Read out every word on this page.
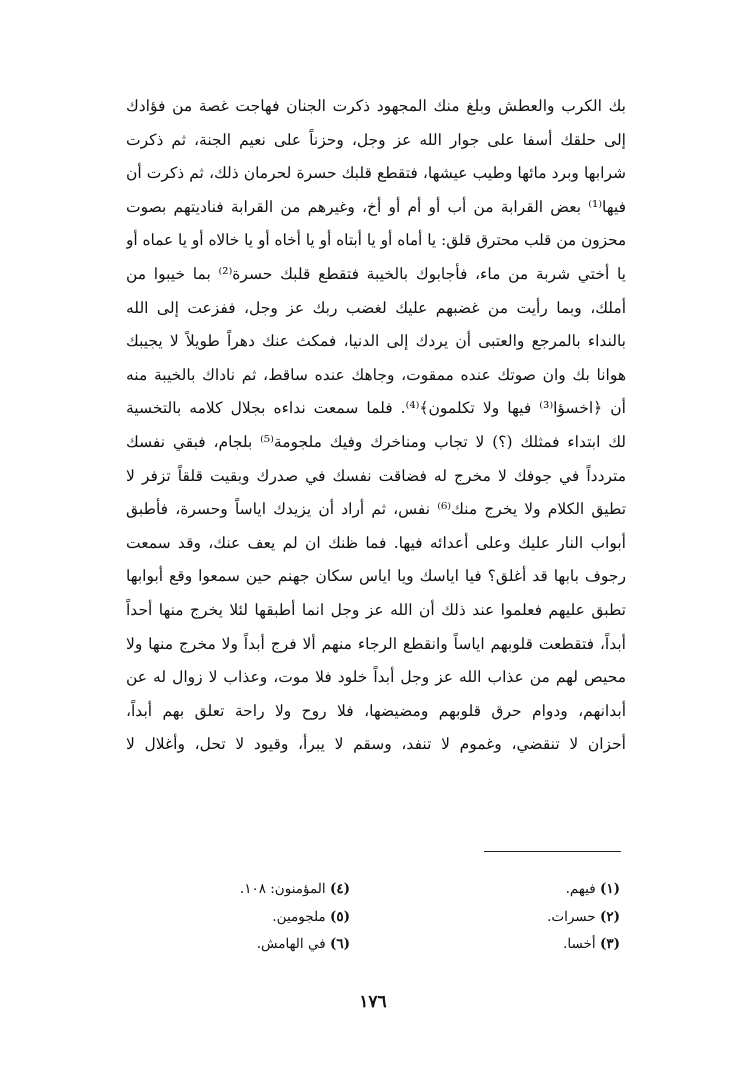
بك الكرب والعطش وبلغ منك المجهود ذكرت الجنان فهاجت غصة من فؤادك
إلى حلقك أسفا على جوار الله عز وجل، وحزناً على نعيم الجنة، ثم ذكرت
شرابها وبرد مائها وطيب عيشها، فتقطع قلبك حسرة لحرمان ذلك، ثم ذكرت أن
فيها⁽¹⁾ بعض القرابة من أب أو أم أو أخ، وغيرهم من القرابة فناديتهم بصوت
محزون من قلب محترق قلق: يا أماه أو يا أبتاه أو يا أخاه أو يا خالاه أو يا عماه أو
يا أختي شربة من ماء، فأجابوك بالخيبة فتقطع قلبك حسرة⁽²⁾ بما خيبوا من
أملك، وبما رأيت من غضبهم عليك لغضب ربك عز وجل، ففزعت إلى الله
بالنداء بالمرجع والعتبى أن يردك إلى الدنيا، فمكث عنك دهراً طويلاً لا يجيبك
هوانا بك وان صوتك عنده ممقوت، وجاهك عنده ساقط، ثم ناداك بالخيبة منه
أن ﴿اخسؤا⁽³⁾ فيها ولا تكلمون﴾⁽⁴⁾. فلما سمعت نداءه بجلال كلامه بالتخسية
لك ابتداء فمثلك (؟) لا تجاب ومناخرك وفيك ملجومة⁽⁵⁾ بلجام، فبقي نفسك
متردداً في جوفك لا مخرج له فضاقت نفسك في صدرك وبقيت قلقاً تزفر لا
تطيق الكلام ولا يخرج منك⁽⁶⁾ نفس، ثم أراد أن يزيدك اياساً وحسرة، فأطبق
أبواب النار عليك وعلى أعدائه فيها. فما ظنك ان لم يعف عنك، وقد سمعت
رجوف بابها قد أغلق؟ فيا اياسك ويا اياس سكان جهنم حين سمعوا وقع أبوابها
تطبق عليهم فعلموا عند ذلك أن الله عز وجل انما أطبقها لئلا يخرج منها أحداً
أبداً، فتقطعت قلوبهم اياساً وانقطع الرجاء منهم ألا فرج أبداً ولا مخرج منها ولا
محيص لهم من عذاب الله عز وجل أبداً خلود فلا موت، وعذاب لا زوال له عن
أبدانهم، ودوام حرق قلوبهم ومضيضها، فلا روح ولا راحة تعلق بهم أبداً،
أحزان لا تنقضي، وغموم لا تنفد، وسقم لا يبرأ، وقيود لا تحل، وأغلال لا
(١) فيهم.
(٢) حسرات.
(٣) أخسا.
(٤) المؤمنون: ١٠٨.
(٥) ملجومين.
(٦) في الهامش.
١٧٦
